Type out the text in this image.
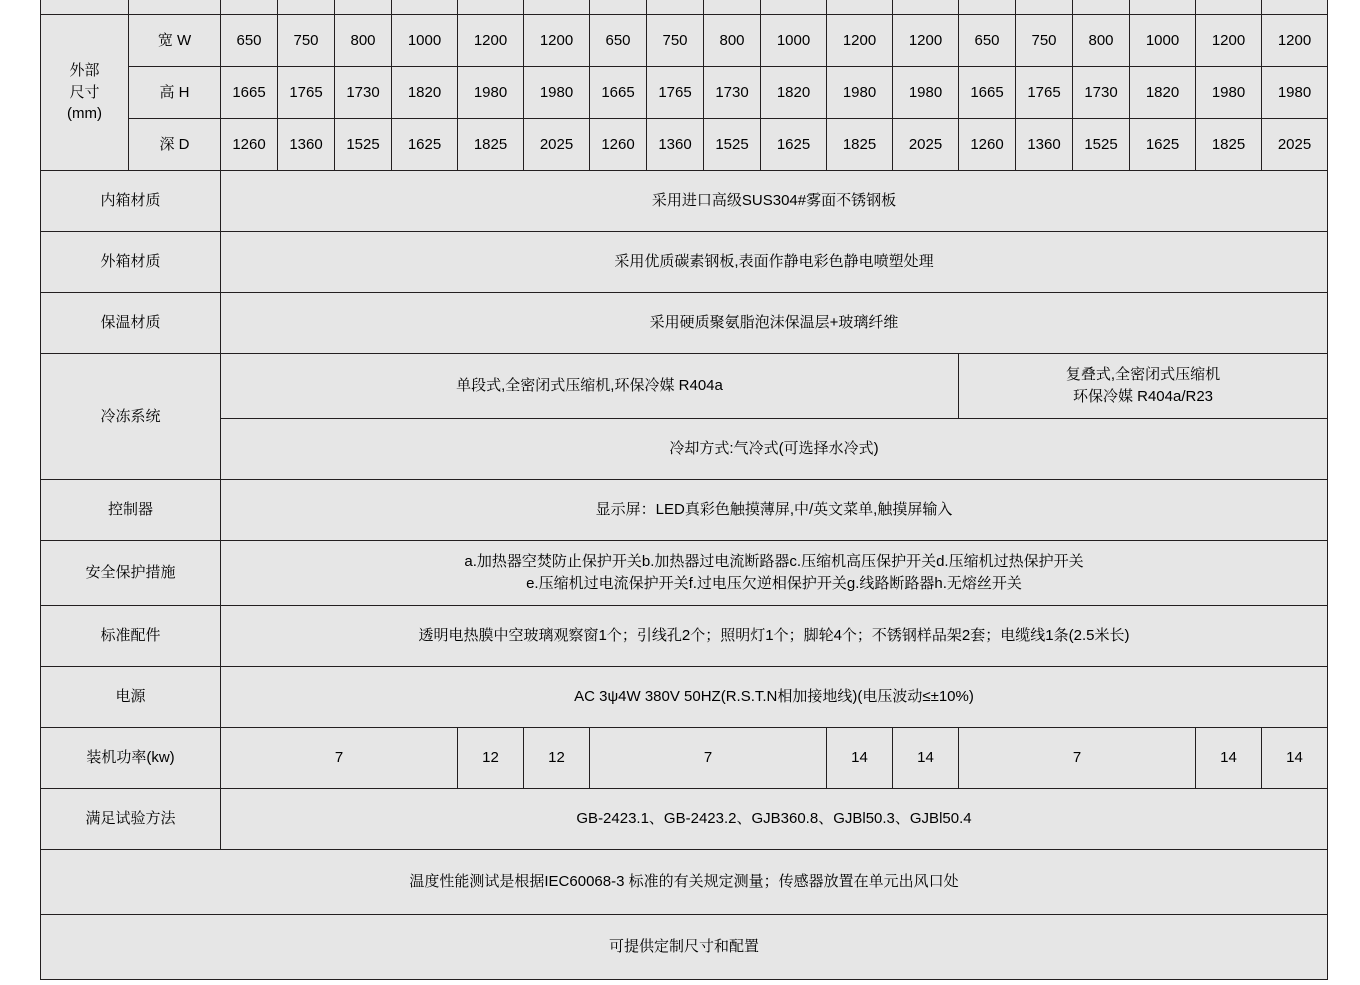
外部
尺寸
(mm)	宽 W	650	750	800	1000	1200	1200	650	750	800	1000	1200	1200	650	750	800	1000	1200	1200
	高 H	1665	1765	1730	1820	1980	1980	1665	1765	1730	1820	1980	1980	1665	1765	1730	1820	1980	1980
	深 D	1260	1360	1525	1625	1825	2025	1260	1360	1525	1625	1825	2025	1260	1360	1525	1625	1825	2025
内箱材质		采用进口高级SUS304#雾面不锈钢板																	
外箱材质		采用优质碳素钢板,表面作静电彩色静电喷塑处理																	
保温材质		采用硬质聚氨脂泡沫保温层+玻璃纤维																	
冷冻系统		单段式,全密闭式压缩机,环保冷媒 R404a												复叠式,全密闭式压缩机
环保冷媒 R404a/R23					

		冷却方式:气冷式(可选择水冷式)																	
控制器		显示屏：LED真彩色触摸薄屏,中/英文菜单,触摸屏输入																	
安全保护措施		a.加热器空焚防止保护开关b.加热器过电流断路器c.压缩机高压保护开关d.压缩机过热保护开关
e.压缩机过电流保护开关f.过电压欠逆相保护开关g.线路断路器h.无熔丝开关																	

标准配件		透明电热膜中空玻璃观察窗1个；引线孔2个；照明灯1个；脚轮4个；不锈钢样品架2套；电缆线1条(2.5米长)																	
电源		AC 3ψ4W 380V 50HZ(R.S.T.N相加接地线)(电压波动≤±10%)																	
装机功率(kw)		7				12	12	7				14	14	7				14	14
满足试验方法		GB-2423.1、GB-2423.2、GJB360.8、GJBl50.3、GJBl50.4																	
温度性能测试是根据IEC60068-3 标准的有关规定测量；传感器放置在单元出风口处																			
可提供定制尺寸和配置																			
